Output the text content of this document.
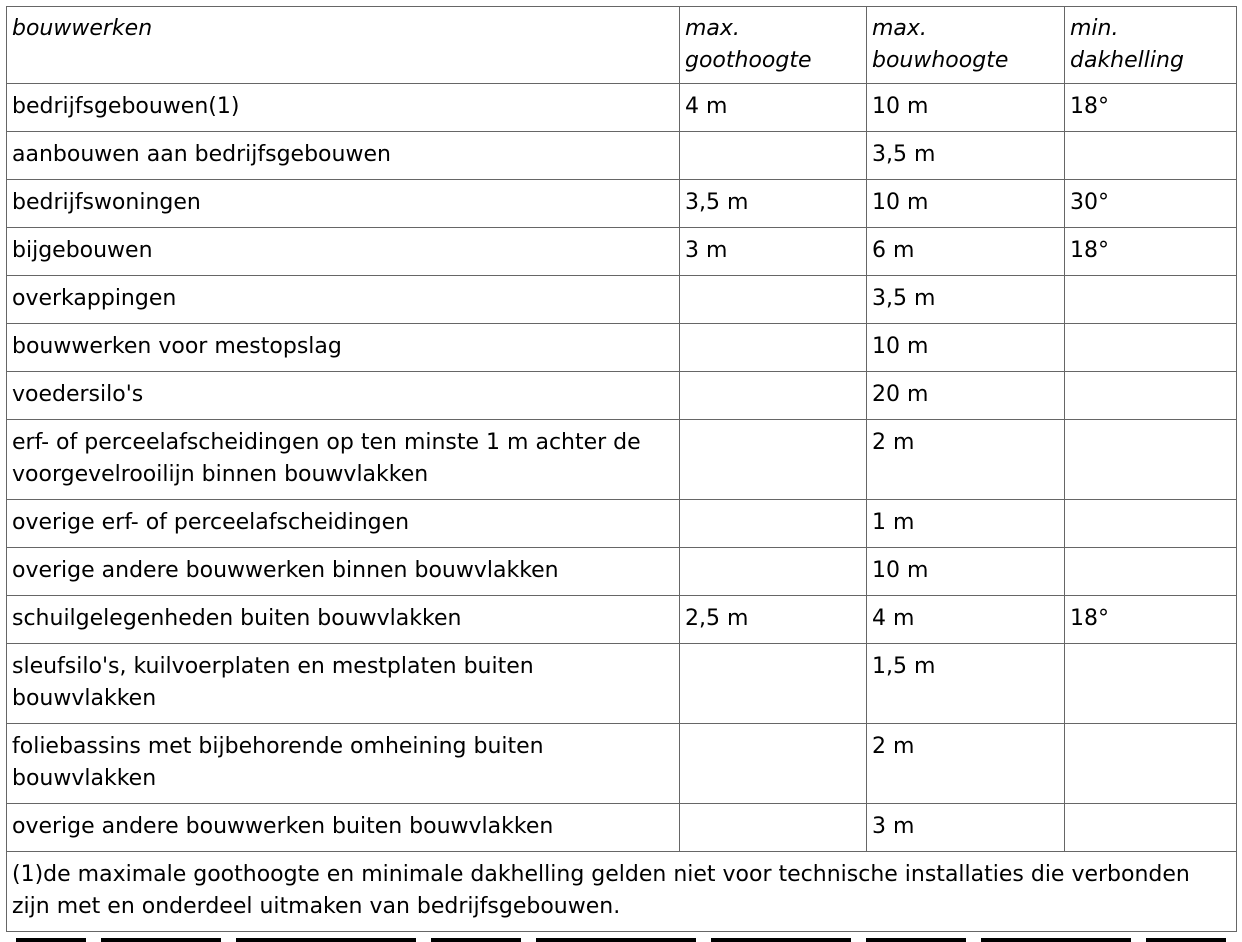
bouwwerken	max. goothoogte	max. bouwhoogte	min. dakhelling
bedrijfsgebouwen(1)	4 m	10 m	18°
aanbouwen aan bedrijfsgebouwen		3,5 m	
bedrijfswoningen	3,5 m	10 m	30°
bijgebouwen	3 m	6 m	18°
overkappingen		3,5 m	
bouwwerken voor mestopslag		10 m	
voedersilo's		20 m	
erf- of perceelafscheidingen op ten minste 1 m achter de voorgevelrooilijn binnen bouwvlakken		2 m	
overige erf- of perceelafscheidingen		1 m	
overige andere bouwwerken binnen bouwvlakken		10 m	
schuilgelegenheden buiten bouwvlakken	2,5 m	4 m	18°
sleufsilo's, kuilvoerplaten en mestplaten buiten bouwvlakken		1,5 m	
foliebassins met bijbehorende omheining buiten bouwvlakken		2 m	
overige andere bouwwerken buiten bouwvlakken		3 m	
(1)de maximale goothoogte en minimale dakhelling gelden niet voor technische installaties die verbonden zijn met en onderdeel uitmaken van bedrijfsgebouwen.			
